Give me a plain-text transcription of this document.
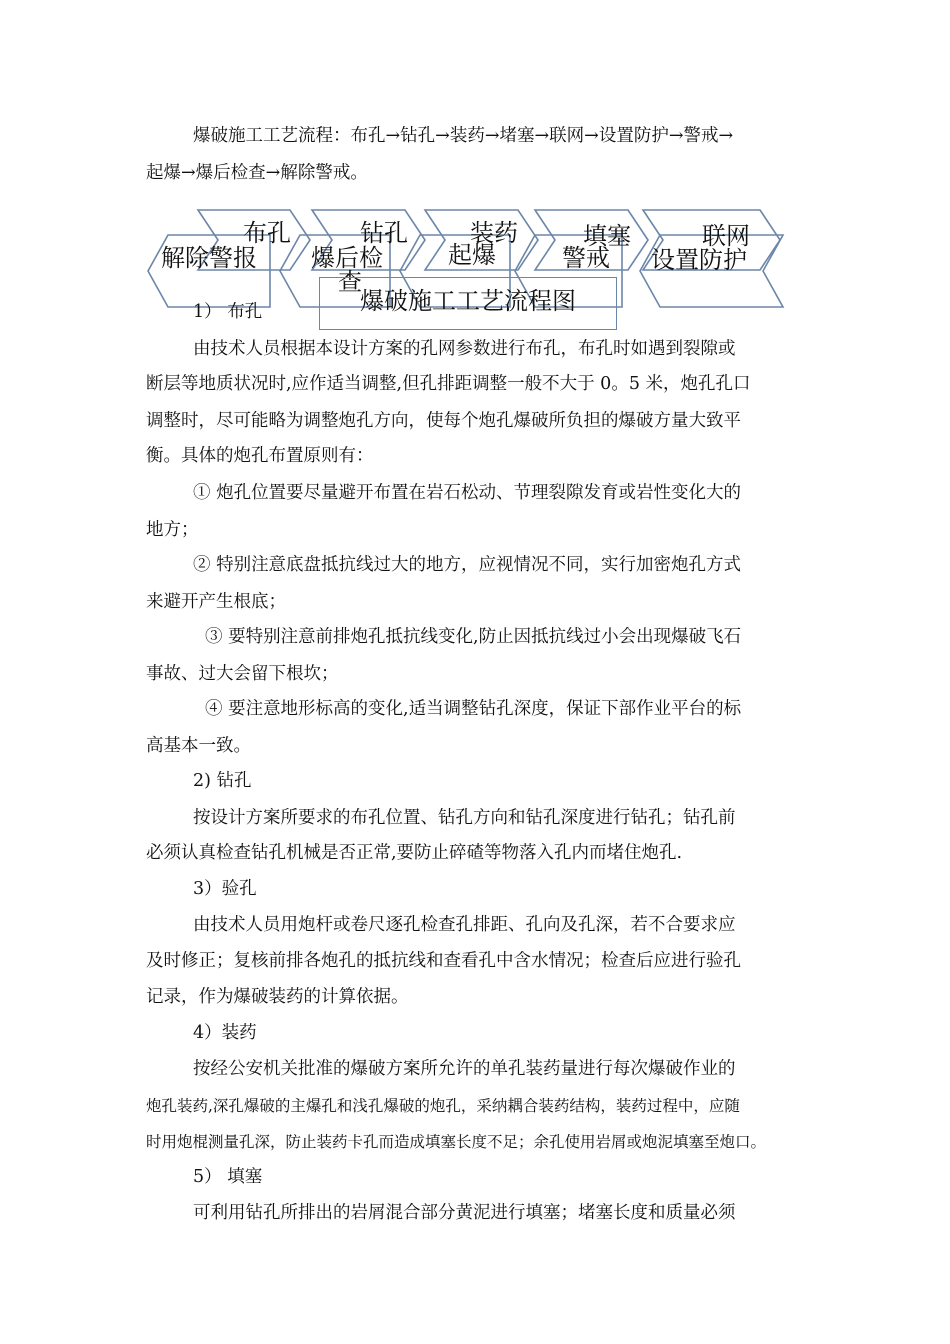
爆破施工工艺流程：布孔→钻孔→装药→堵塞→联网→设置防护→警戒→
起爆→爆后检查→解除警戒。
布孔	钻孔	装药	填塞	联网
解除警报 爆后检
查
起爆	警戒 设置防护
爆破施工工艺流程图
1） 布孔
由技术人员根据本设计方案的孔网参数进行布孔，布孔时如遇到裂隙或
断层等地质状况时,应作适当调整,但孔排距调整一般不大于 0。5 米，炮孔孔口
调整时，尽可能略为调整炮孔方向，使每个炮孔爆破所负担的爆破方量大致平
衡。具体的炮孔布置原则有：
① 炮孔位置要尽量避开布置在岩石松动、节理裂隙发育或岩性变化大的
地方；
② 特别注意底盘抵抗线过大的地方，应视情况不同，实行加密炮孔方式
来避开产生根底；
③ 要特别注意前排炮孔抵抗线变化,防止因抵抗线过小会出现爆破飞石
事故、过大会留下根坎；
④ 要注意地形标高的变化,适当调整钻孔深度，保证下部作业平台的标
高基本一致。
2) 钻孔
按设计方案所要求的布孔位置、钻孔方向和钻孔深度进行钻孔；钻孔前
必须认真检查钻孔机械是否正常,要防止碎碴等物落入孔内而堵住炮孔.
3）验孔
由技术人员用炮杆或卷尺逐孔检查孔排距、孔向及孔深，若不合要求应
及时修正；复核前排各炮孔的抵抗线和查看孔中含水情况；检查后应进行验孔
记录，作为爆破装药的计算依据。
4）装药
按经公安机关批准的爆破方案所允许的单孔装药量进行每次爆破作业的
炮孔装药,深孔爆破的主爆孔和浅孔爆破的炮孔，采纳耦合装药结构，装药过程中，应随
时用炮棍测量孔深，防止装药卡孔而造成填塞长度不足；余孔使用岩屑或炮泥填塞至炮口。
5） 填塞
可利用钻孔所排出的岩屑混合部分黄泥进行填塞；堵塞长度和质量必须
